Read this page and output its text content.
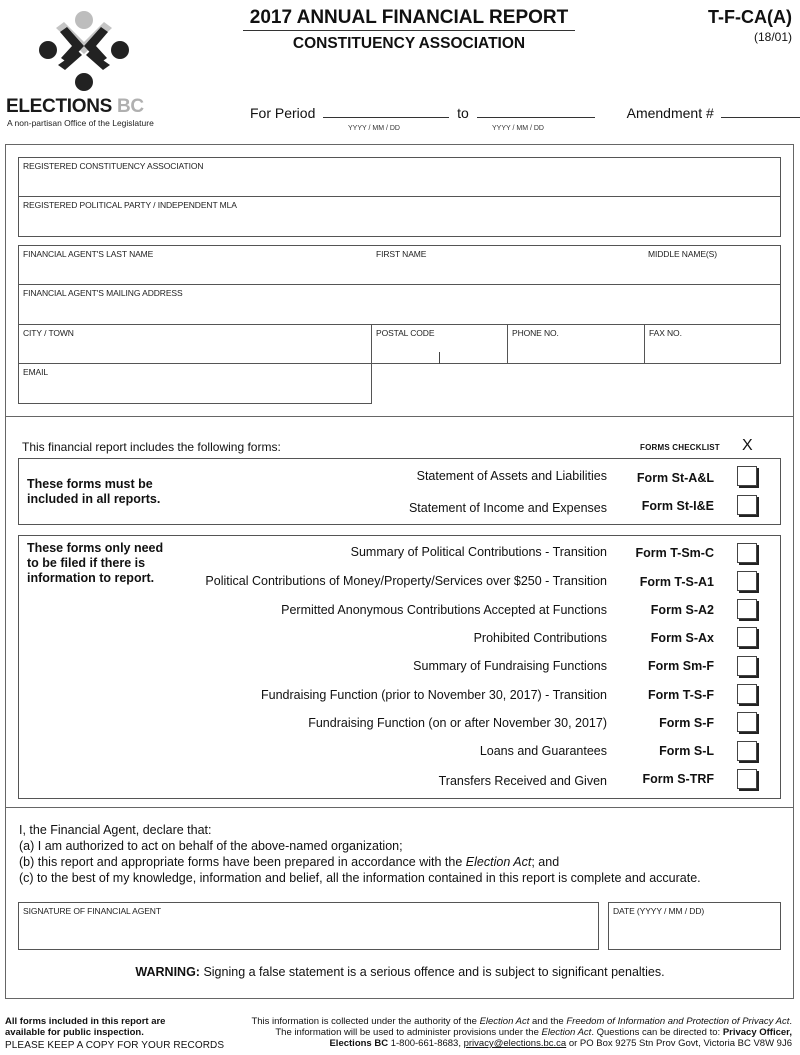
ELECTIONS BC
A non-partisan Office of the Legislature
2017 ANNUAL FINANCIAL REPORT
CONSTITUENCY ASSOCIATION
T-F-CA(A)
(18/01)
For Period	to	Amendment #
YYYY / MM / DD	YYYY / MM / DD
REGISTERED CONSTITUENCY ASSOCIATION
REGISTERED POLITICAL PARTY / INDEPENDENT MLA
FINANCIAL AGENT'S LAST NAME	FIRST NAME	MIDDLE NAME(S)
FINANCIAL AGENT'S MAILING ADDRESS
CITY / TOWN	POSTAL CODE	PHONE NO.	FAX NO.
EMAIL
This financial report includes the following forms:	FORMS CHECKLIST X
These forms must be included in all reports.
Statement of Assets and Liabilities Form St-A&L
Statement of Income and Expenses	Form St-I&E
These forms only need to be filed if there is information to report.
Summary of Political Contributions - Transition Form T-Sm-C
Political Contributions of Money/Property/Services over $250 - Transition	Form T-S-A1
Permitted Anonymous Contributions Accepted at Functions	Form S-A2
Prohibited Contributions	Form S-Ax
Summary of Fundraising Functions	Form Sm-F
Fundraising Function (prior to November 30, 2017) - Transition	Form T-S-F
Fundraising Function (on or after November 30, 2017)	Form S-F
Loans and Guarantees	Form S-L
Transfers Received and Given	Form S-TRF
I, the Financial Agent, declare that:
(a) I am authorized to act on behalf of the above-named organization;
(b) this report and appropriate forms have been prepared in accordance with the Election Act; and
(c) to the best of my knowledge, information and belief, all the information contained in this report is complete and accurate.
SIGNATURE OF FINANCIAL AGENT	DATE (YYYY / MM / DD)
WARNING: Signing a false statement is a serious offence and is subject to significant penalties.
All forms included in this report are
available for public inspection.
PLEASE KEEP A COPY FOR YOUR RECORDS
This information is collected under the authority of the Election Act and the Freedom of Information and Protection of Privacy Act.
The information will be used to administer provisions under the Election Act. Questions can be directed to: Privacy Officer,
Elections BC 1-800-661-8683, privacy@elections.bc.ca or PO Box 9275 Stn Prov Govt, Victoria BC V8W 9J6
